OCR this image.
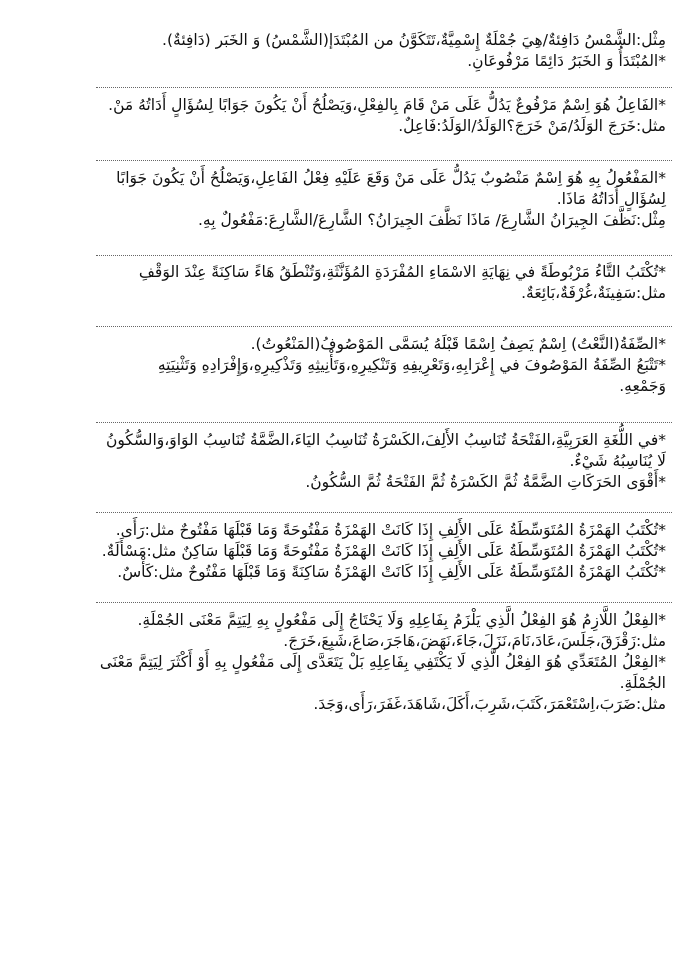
مِثْل:الشَّمْسُ دَافِئةٌ/هِيَ جُمْلَةٌ إِسْمِيَّةٌ،تَتَكَوَّنُ من المُبْتَدَإ(الشَّمْسُ) وَ الخَبَر (دَافِئةٌ).

*المُبْتَدَأُ وَ الخَبَرُ دَائِمًا مَرْفُوعَانِ.

*الفَاعِلُ هُوَ اِسْمٌ مَرْفُوعٌ يَدُلُّ عَلَى مَنْ قَامَ بِالفِعْلِ،وَيَصْلُحُ أَنْ يَكُونَ جَوَابًا لِسُؤَالٍ أَدَاتُهُ مَنْ.

مثل:خَرَجَ الوَلَدُ/مَنْ خَرَجَ؟الوَلَدُ/الوَلَدُ:فَاعِلٌ.

*المَفْعُولُ بِهِ هُوَ اِسْمٌ مَنْصُوبٌ يَدُلُّ عَلَى مَنْ وَقَعَ عَلَيْهِ فِعْلُ الفَاعِلِ،وَيَصْلُحُ أَنْ يَكُونَ جَوَابًا

لِسُؤَالٍ أَدَاتُهُ مَاذَا.

مِثْل:نَظَّفَ الجِيرَانُ الشَّارِعَ/ مَاذَا نَظَّفَ الجِيرَانُ؟ الشَّارِعَ/الشَّارِعَ:مَفْعُولٌ بِهِ.

*تُكْتَبُ التَّاءُ مَرْبُوطَةً في نِهَايَةِ الاسْمَاءِ المُفْرَدَةِ المُؤَنَّثَةِ،وَتُنْطَقُ هَاءً سَاكِنَةً عِنْدَ الوَقْفِ

مثل:سَفِينَةٌ،غُرْفَةٌ،بَائِعَةٌ.

*الصِّفَةُ(النَّعْتُ) اِسْمٌ يَصِفُ اِسْمًا قَبْلَهُ يُسَمَّى المَوْصُوفُ(المَنْعُوتُ).

*تَتْبَعُ الصِّفَةُ المَوْصُوفَ في إِعْرَابِهِ،وَتَعْرِيفِهِ وَتَنْكِيرِهِ،وَتَأْنِيثِهِ وَتَذْكِيرِهِ،وَإِفْرَادِهِ وَتَثْنِيَتِهِ

وَجَمْعِهِ.

*في اللُّغَةِ العَرَبِيَّةِ،الفَتْحَةُ تُنَاسِبُ الأَلِفَ،الكَسْرَةُ تُنَاسِبُ اليَاءَ،الضَّمَّةُ تُنَاسِبُ الوَاوَ،وَالسُّكُونُ

لَا يُنَاسِبُهُ شَيْءٌ.

*أَقْوَى الحَرَكَاتِ الضَّمَّةُ ثُمَّ الكَسْرَةُ ثُمَّ الفَتْحَةُ ثُمَّ السُّكُونُ.

*تُكْتَبُ الهَمْزَةُ المُتَوَسِّطَةُ عَلَى الأَلِفِ إِذَا كَانَتْ الهَمْزَةُ مَفْتُوحَةً وَمَا قَبْلَهَا مَفْتُوحٌ مثل:رَأَى.

*تُكْتَبُ الهَمْزَةُ المُتَوَسِّطَةُ عَلَى الأَلِفِ إِذَا كَانَتْ الهَمْزَةُ مَفْتُوحَةً وَمَا قَبْلَهَا سَاكِنٌ مثل:مَسْأَلَةٌ.

*تُكْتَبُ الهَمْزَةُ المُتَوَسِّطَةُ عَلَى الأَلِفِ إِذَا كَانَتْ الهَمْزَةُ سَاكِنَةً وَمَا قَبْلَهَا مَفْتُوحٌ مثل:كَأْسٌ.

*الفِعْلُ اللَّازِمُ هُوَ الفِعْلُ الَّذِي يَلْزَمُ بِفَاعِلِهِ وَلَا يَحْتَاجُ إِلَى مَفْعُولٍ بِهِ لِيَتِمَّ مَعْنَى الجُمْلَةِ.

مثل:زَقْزَقَ،جَلَسَ،عَادَ،نَامَ،نَزَلَ،جَاءَ،نَهَضَ،هَاجَرَ،صَاعَ،شَبِعَ،خَرَجَ.

*الفِعْلُ المُتَعَدِّي هُوَ الفِعْلُ الَّذِي لَا يَكْتَفِي بِفَاعِلِهِ بَلْ يَتَعَدَّى إِلَى مَفْعُولٍ بِهِ أَوْ أَكْثَرَ لِيَتِمَّ مَعْنَى

الجُمْلَةِ.

مثل:ضَرَبَ،اِسْتَعْمَرَ،كَتَبَ،شَرِبَ،أَكَلَ،شَاهَدَ،غَفَرَ،رَأَى،وَجَدَ.
